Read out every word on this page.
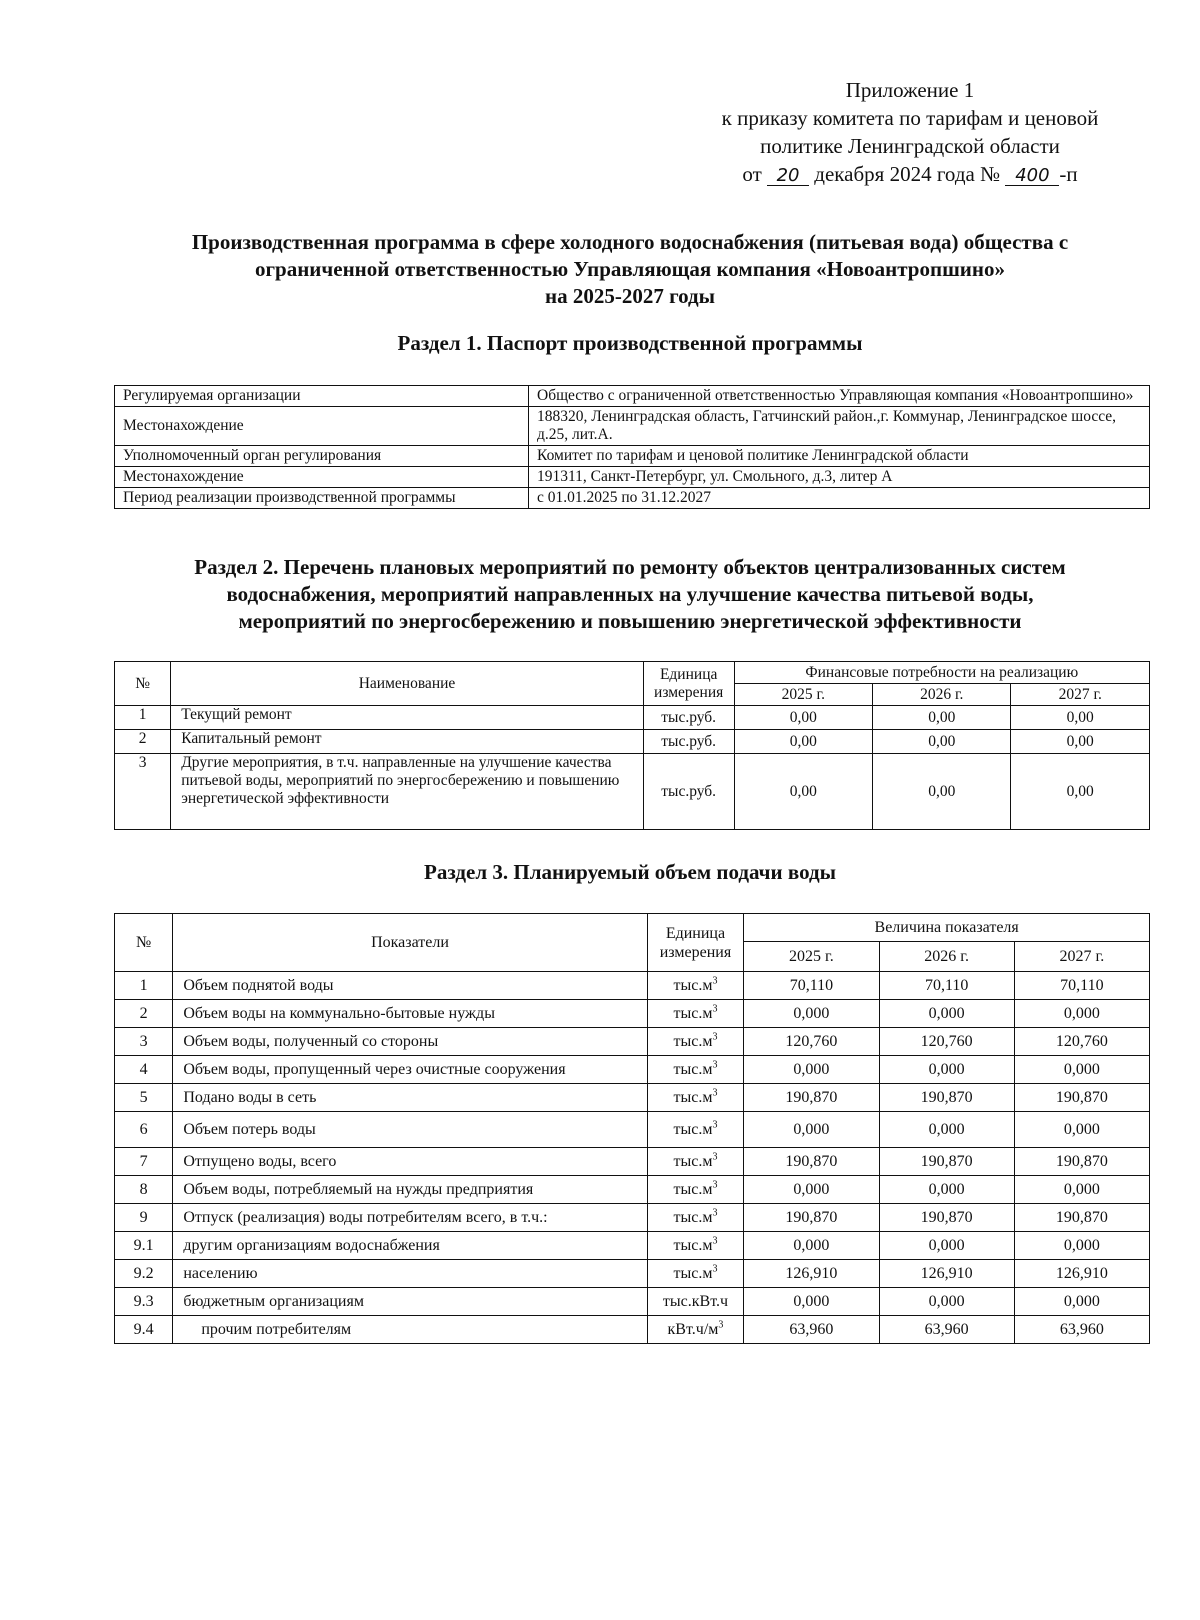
Приложение 1
к приказу комитета по тарифам и ценовой
политике Ленинградской области
от 20 декабря 2024 года № 400 -п
Производственная программа в сфере холодного водоснабжения (питьевая вода) общества с
ограниченной ответственностью Управляющая компания «Новоантропшино»
на 2025-2027 годы
Раздел 1. Паспорт производственной программы
Регулируемая организации	Общество с ограниченной ответственностью Управляющая компания «Новоантропшино»
Местонахождение	188320, Ленинградская область, Гатчинский район.,г. Коммунар, Ленинградское шоссе, д.25, лит.А.
Уполномоченный орган регулирования	Комитет по тарифам и ценовой политике Ленинградской области
Местонахождение	191311, Санкт-Петербург, ул. Смольного, д.3, литер А
Период реализации производственной программы	с 01.01.2025 по 31.12.2027
Раздел 2. Перечень плановых мероприятий по ремонту объектов централизованных систем
водоснабжения, мероприятий направленных на улучшение качества питьевой воды,
мероприятий по энергосбережению и повышению энергетической эффективности
№	Наименование	Единица измерения	Финансовые потребности на реализацию		
			2025 г.	2026 г.	2027 г.
1	Текущий ремонт	тыс.руб.	0,00	0,00	0,00
2	Капитальный ремонт	тыс.руб.	0,00	0,00	0,00
3	Другие мероприятия, в т.ч. направленные на улучшение качества питьевой воды, мероприятий по энергосбережению и повышению энергетической эффективности	тыс.руб.	0,00	0,00	0,00
Раздел 3. Планируемый объем подачи воды
№	Показатели	Единица измерения	Величина показателя		
			2025 г.	2026 г.	2027 г.
1	Объем поднятой воды	$тыс.м^3$	70,110	70,110	70,110
2	Объем воды на коммунально-бытовые нужды	$тыс.м^3$	0,000	0,000	0,000
3	Объем воды, полученный со стороны	$тыс.м^3$	120,760	120,760	120,760
4	Объем воды, пропущенный через очистные сооружения	$тыс.м^3$	0,000	0,000	0,000
5	Подано воды в сеть	$тыс.м^3$	190,870	190,870	190,870
6	Объем потерь воды	$тыс.м^3$	0,000	0,000	0,000
7	Отпущено воды, всего	$тыс.м^3$	190,870	190,870	190,870
8	Объем воды, потребляемый на нужды предприятия	$тыс.м^3$	0,000	0,000	0,000
9	Отпуск (реализация) воды потребителям всего, в т.ч.:	$тыс.м^3$	190,870	190,870	190,870
9.1	другим организациям водоснабжения	$тыс.м^3$	0,000	0,000	0,000
9.2	населению	$тыс.м^3$	126,910	126,910	126,910
9.3	бюджетным организациям	тыс.кВт.ч	0,000	0,000	0,000
9.4	прочим потребителям	$кВт.ч/м^3$	63,960	63,960	63,960
